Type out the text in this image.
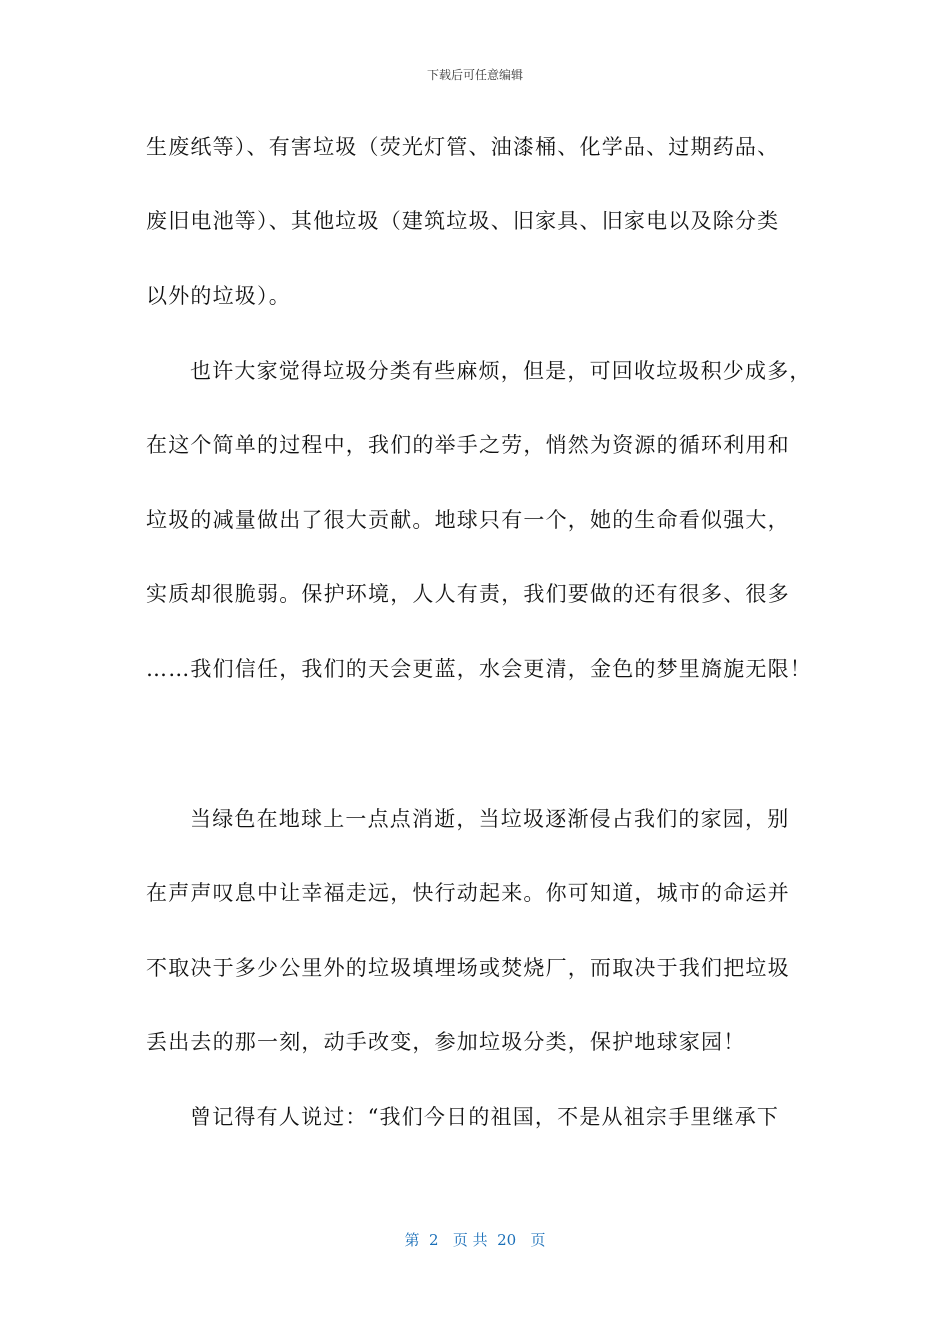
下载后可任意编辑
生废纸等）、有害垃圾（荧光灯管、油漆桶、化学品、过期药品、
废旧电池等）、其他垃圾（建筑垃圾、旧家具、旧家电以及除分类
以外的垃圾）。
也许大家觉得垃圾分类有些麻烦，但是，可回收垃圾积少成多，
在这个简单的过程中，我们的举手之劳，悄然为资源的循环利用和
垃圾的减量做出了很大贡献。地球只有一个，她的生命看似强大，
实质却很脆弱。保护环境，人人有责，我们要做的还有很多、很多
……我们信任，我们的天会更蓝，水会更清，金色的梦里旖旎无限！
当绿色在地球上一点点消逝，当垃圾逐渐侵占我们的家园，别
在声声叹息中让幸福走远，快行动起来。你可知道，城市的命运并
不取决于多少公里外的垃圾填埋场或焚烧厂，而取决于我们把垃圾
丢出去的那一刻，动手改变，参加垃圾分类，保护地球家园！
曾记得有人说过：“我们今日的祖国，不是从祖宗手里继承下
第  2   页 共  20   页
